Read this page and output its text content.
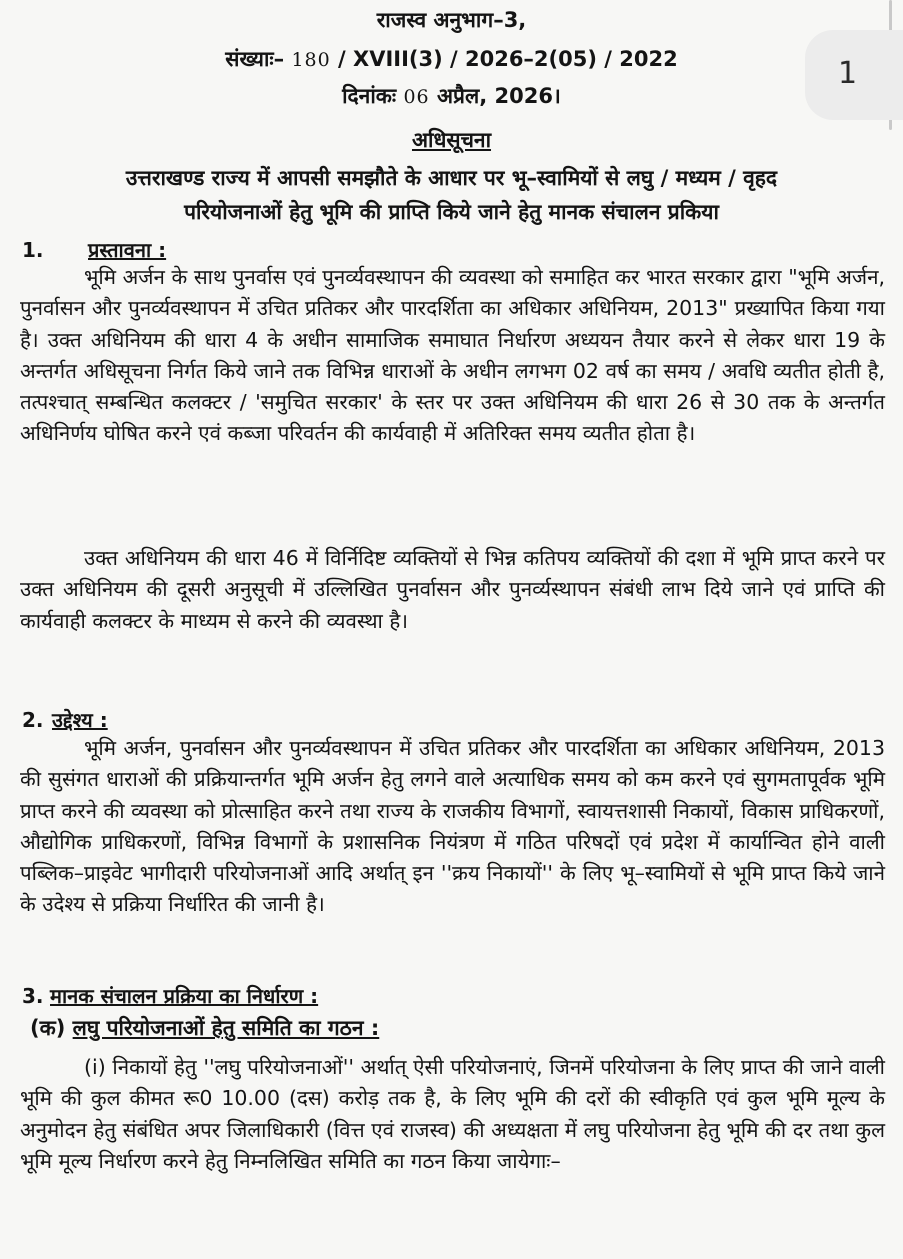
1
राजस्व अनुभाग–3,
संख्याः– 180 / XVIII(3) / 2026–2(05) / 2022
दिनांकः 06 अप्रैल, 2026।
अधिसूचना
उत्तराखण्ड राज्य में आपसी समझौते के आधार पर भू–स्वामियों से लघु / मध्यम / वृहद
परियोजनाओं हेतु भूमि की प्राप्ति किये जाने हेतु मानक संचालन प्रकिया
1. प्रस्तावना :

भूमि अर्जन के साथ पुनर्वास एवं पुनर्व्यवस्थापन की व्यवस्था को समाहित कर भारत सरकार द्वारा "भूमि अर्जन, पुनर्वासन और पुनर्व्यवस्थापन में उचित प्रतिकर और पारदर्शिता का अधिकार अधिनियम, 2013" प्रख्यापित किया गया है। उक्त अधिनियम की धारा 4 के अधीन सामाजिक समाघात निर्धारण अध्ययन तैयार करने से लेकर धारा 19 के अन्तर्गत अधिसूचना निर्गत किये जाने तक विभिन्न धाराओं के अधीन लगभग 02 वर्ष का समय / अवधि व्यतीत होती है, तत्पश्चात् सम्बन्धित कलक्टर / 'समुचित सरकार' के स्तर पर उक्त अधिनियम की धारा 26 से 30 तक के अन्तर्गत अधिनिर्णय घोषित करने एवं कब्जा परिवर्तन की कार्यवाही में अतिरिक्त समय व्यतीत होता है।

उक्त अधिनियम की धारा 46 में विर्निदिष्ट व्यक्तियों से भिन्न कतिपय व्यक्तियों की दशा में भूमि प्राप्त करने पर उक्त अधिनियम की दूसरी अनुसूची में उल्लिखित पुनर्वासन और पुनर्व्यस्थापन संबंधी लाभ दिये जाने एवं प्राप्ति की कार्यवाही कलक्टर के माध्यम से करने की व्यवस्था है।

2. उद्देश्य :

भूमि अर्जन, पुनर्वासन और पुनर्व्यवस्थापन में उचित प्रतिकर और पारदर्शिता का अधिकार अधिनियम, 2013 की सुसंगत धाराओं की प्रक्रियान्तर्गत भूमि अर्जन हेतु लगने वाले अत्याधिक समय को कम करने एवं सुगमतापूर्वक भूमि प्राप्त करने की व्यवस्था को प्रोत्साहित करने तथा राज्य के राजकीय विभागों, स्वायत्तशासी निकायों, विकास प्राधिकरणों, औद्योगिक प्राधिकरणों, विभिन्न विभागों के प्रशासनिक नियंत्रण में गठित परिषदों एवं प्रदेश में कार्यान्वित होने वाली पब्लिक–प्राइवेट भागीदारी परियोजनाओं आदि अर्थात् इन ''क्रय निकायों'' के लिए भू–स्वामियों से भूमि प्राप्त किये जाने के उदेश्य से प्रक्रिया निर्धारित की जानी है।

3. मानक संचालन प्रक्रिया का निर्धारण :
(क) लघु परियोजनाओं हेतु समिति का गठन :

(i) निकायों हेतु ''लघु परियोजनाओं'' अर्थात् ऐसी परियोजनाएं, जिनमें परियोजना के लिए प्राप्त की जाने वाली भूमि की कुल कीमत रू0 10.00 (दस) करोड़ तक है, के लिए भूमि की दरों की स्वीकृति एवं कुल भूमि मूल्य के अनुमोदन हेतु संबंधित अपर जिलाधिकारी (वित्त एवं राजस्व) की अध्यक्षता में लघु परियोजना हेतु भूमि की दर तथा कुल भूमि मूल्य निर्धारण करने हेतु निम्नलिखित समिति का गठन किया जायेगाः–
